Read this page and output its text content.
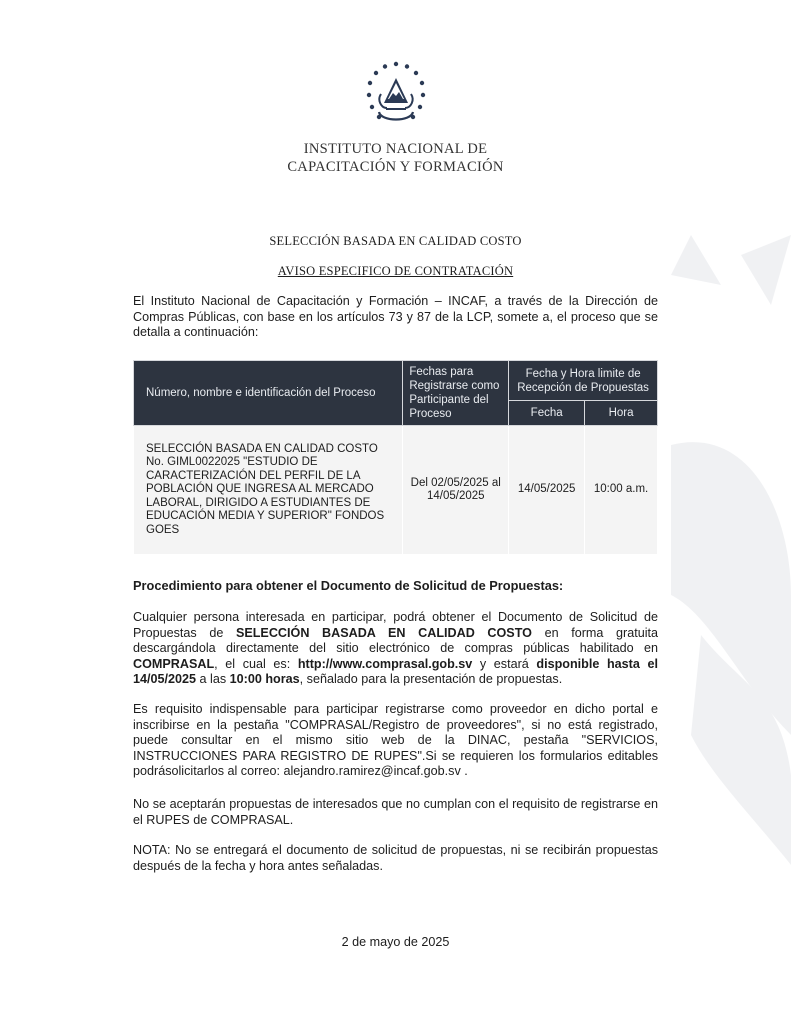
INSTITUTO NACIONAL DE
CAPACITACIÓN Y FORMACIÓN
SELECCIÓN BASADA EN CALIDAD COSTO
AVISO ESPECIFICO DE CONTRATACIÓN
El Instituto Nacional de Capacitación y Formación – INCAF, a través de la Dirección de Compras Públicas, con base en los artículos 73 y 87 de la LCP, somete a, el proceso que se detalla a continuación:
Número, nombre e identificación del Proceso	Fechas para Registrarse como Participante del Proceso	Fecha y Hora limite de Recepción de Propuestas	
		Fecha	Hora
SELECCIÓN BASADA EN CALIDAD COSTO No. GIML0022025 "ESTUDIO DE CARACTERIZACIÓN DEL PERFIL DE LA POBLACIÓN QUE INGRESA AL MERCADO LABORAL, DIRIGIDO A ESTUDIANTES DE EDUCACIÓN MEDIA Y SUPERIOR" FONDOS GOES	Del 02/05/2025 al 14/05/2025	14/05/2025	10:00 a.m.
Procedimiento para obtener el Documento de Solicitud de Propuestas:
Cualquier persona interesada en participar, podrá obtener el Documento de Solicitud de Propuestas de SELECCIÓN BASADA EN CALIDAD COSTO en forma gratuita descargándola directamente del sitio electrónico de compras públicas habilitado en COMPRASAL, el cual es: http://www.comprasal.gob.sv y estará disponible hasta el 14/05/2025 a las 10:00 horas, señalado para la presentación de propuestas.
Es requisito indispensable para participar registrarse como proveedor en dicho portal e inscribirse en la pestaña "COMPRASAL/Registro de proveedores", si no está registrado, puede consultar en el mismo sitio web de la DINAC, pestaña "SERVICIOS, INSTRUCCIONES PARA REGISTRO DE RUPES".Si se requieren los formularios editables podrásolicitarlos al correo: alejandro.ramirez@incaf.gob.sv .
No se aceptarán propuestas de interesados que no cumplan con el requisito de registrarse en el RUPES de COMPRASAL.
NOTA: No se entregará el documento de solicitud de propuestas, ni se recibirán propuestas después de la fecha y hora antes señaladas.
2 de mayo de 2025
